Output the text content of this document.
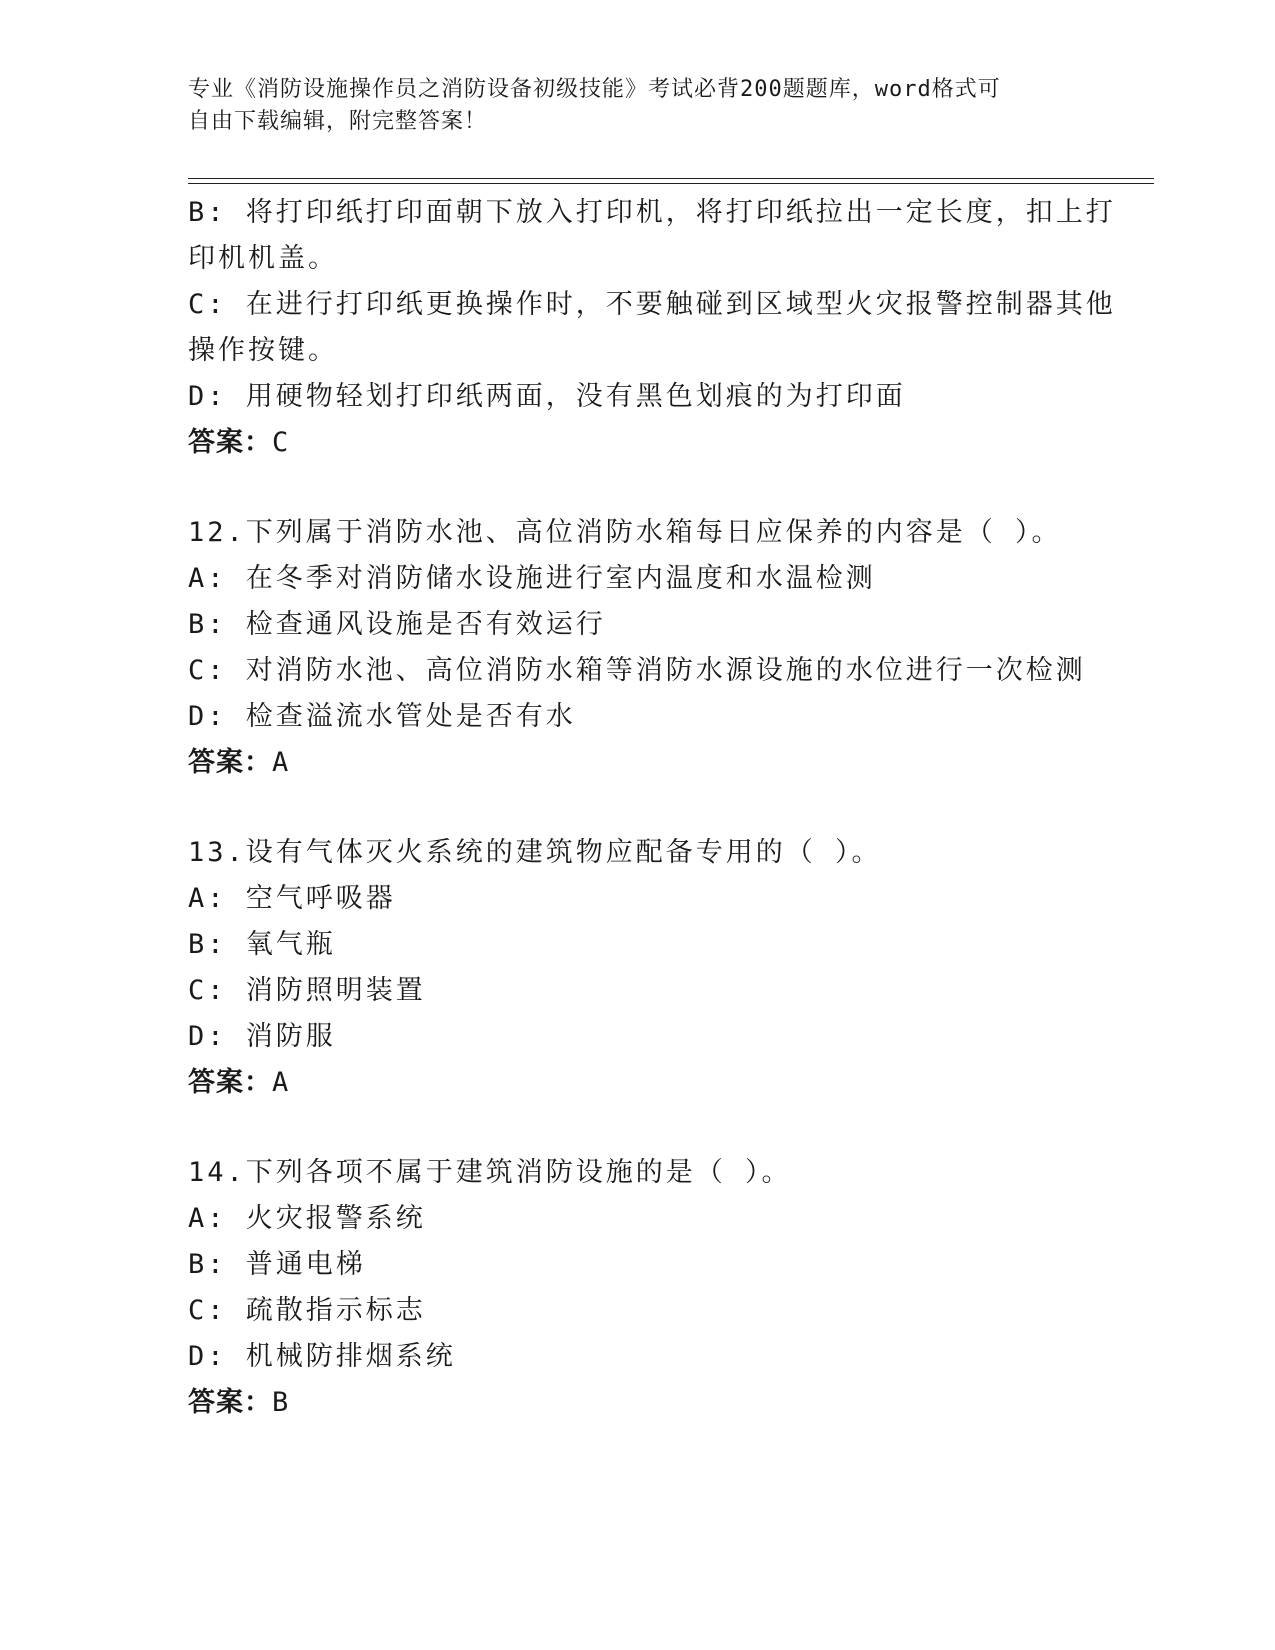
专业《消防设施操作员之消防设备初级技能》考试必背200题题库，word格式可
自由下载编辑，附完整答案！
B: 将打印纸打印面朝下放入打印机，将打印纸拉出一定长度，扣上打
印机机盖。
C: 在进行打印纸更换操作时，不要触碰到区域型火灾报警控制器其他
操作按键。
D: 用硬物轻划打印纸两面，没有黑色划痕的为打印面
答案：C
12.下列属于消防水池、高位消防水箱每日应保养的内容是（ ）。
A: 在冬季对消防储水设施进行室内温度和水温检测
B: 检查通风设施是否有效运行
C: 对消防水池、高位消防水箱等消防水源设施的水位进行一次检测
D: 检查溢流水管处是否有水
答案：A
13.设有气体灭火系统的建筑物应配备专用的（ ）。
A: 空气呼吸器
B: 氧气瓶
C: 消防照明装置
D: 消防服
答案：A
14.下列各项不属于建筑消防设施的是（ ）。
A: 火灾报警系统
B: 普通电梯
C: 疏散指示标志
D: 机械防排烟系统
答案：B
